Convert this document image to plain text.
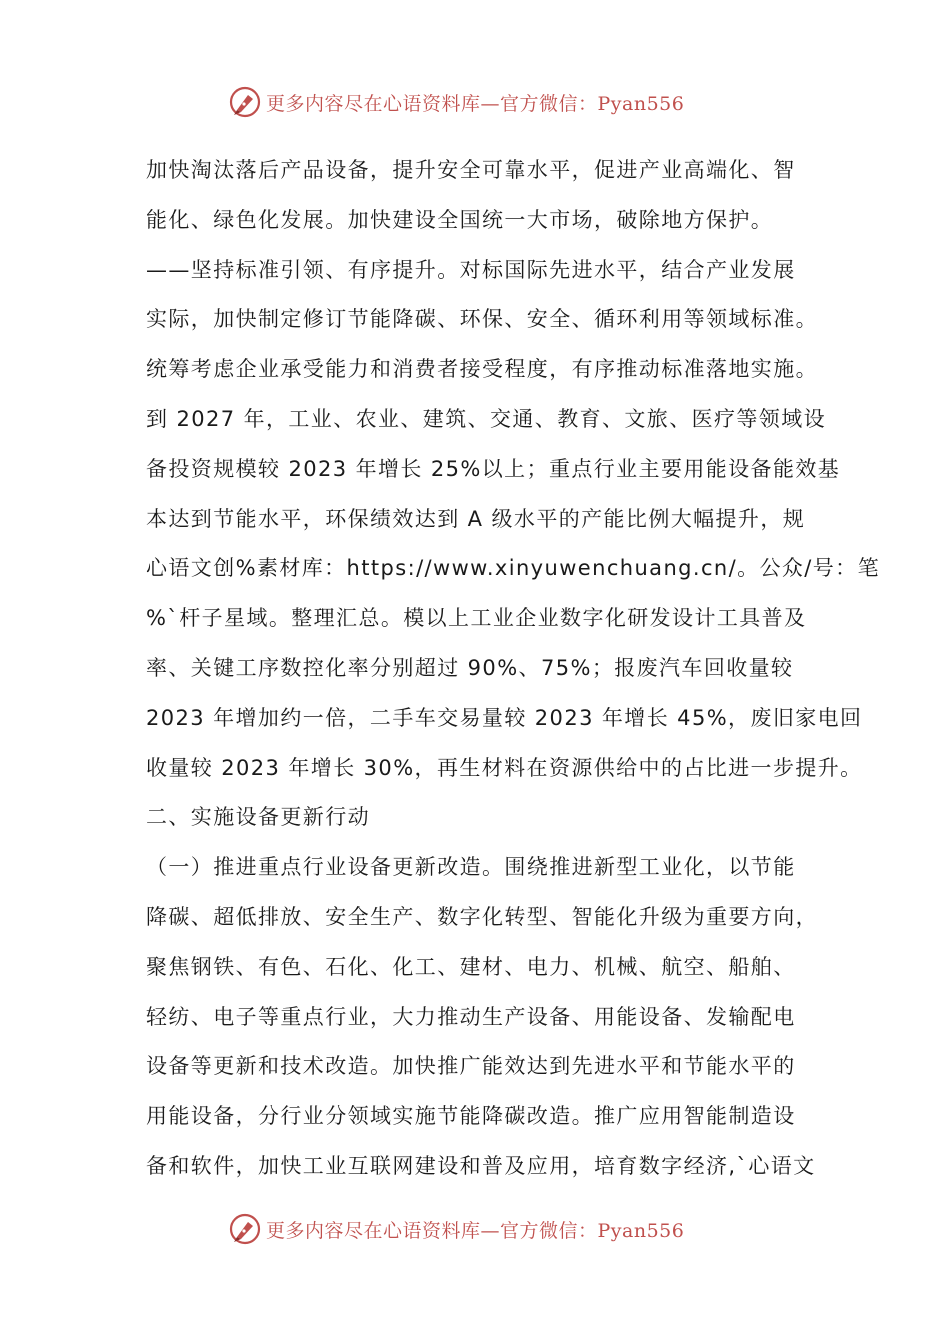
更多内容尽在心语资料库—官方微信：Pyan556
加快淘汰落后产品设备，提升安全可靠水平，促进产业高端化、智
能化、绿色化发展。加快建设全国统一大市场，破除地方保护。
——坚持标准引领、有序提升。对标国际先进水平，结合产业发展
实际，加快制定修订节能降碳、环保、安全、循环利用等领域标准。
统筹考虑企业承受能力和消费者接受程度，有序推动标准落地实施。
到 2027 年，工业、农业、建筑、交通、教育、文旅、医疗等领域设
备投资规模较 2023 年增长 25%以上；重点行业主要用能设备能效基
本达到节能水平，环保绩效达到 A 级水平的产能比例大幅提升，规
心语文创%素材库：https://www.xinyuwenchuang.cn/。公众/号：笔
%`杆子星域。整理汇总。模以上工业企业数字化研发设计工具普及
率、关键工序数控化率分别超过 90%、75%；报废汽车回收量较
2023 年增加约一倍，二手车交易量较 2023 年增长 45%，废旧家电回
收量较 2023 年增长 30%，再生材料在资源供给中的占比进一步提升。
二、实施设备更新行动
（一）推进重点行业设备更新改造。围绕推进新型工业化，以节能
降碳、超低排放、安全生产、数字化转型、智能化升级为重要方向，
聚焦钢铁、有色、石化、化工、建材、电力、机械、航空、船舶、
轻纺、电子等重点行业，大力推动生产设备、用能设备、发输配电
设备等更新和技术改造。加快推广能效达到先进水平和节能水平的
用能设备，分行业分领域实施节能降碳改造。推广应用智能制造设
备和软件，加快工业互联网建设和普及应用，培育数字经济,`心语文
更多内容尽在心语资料库—官方微信：Pyan556
